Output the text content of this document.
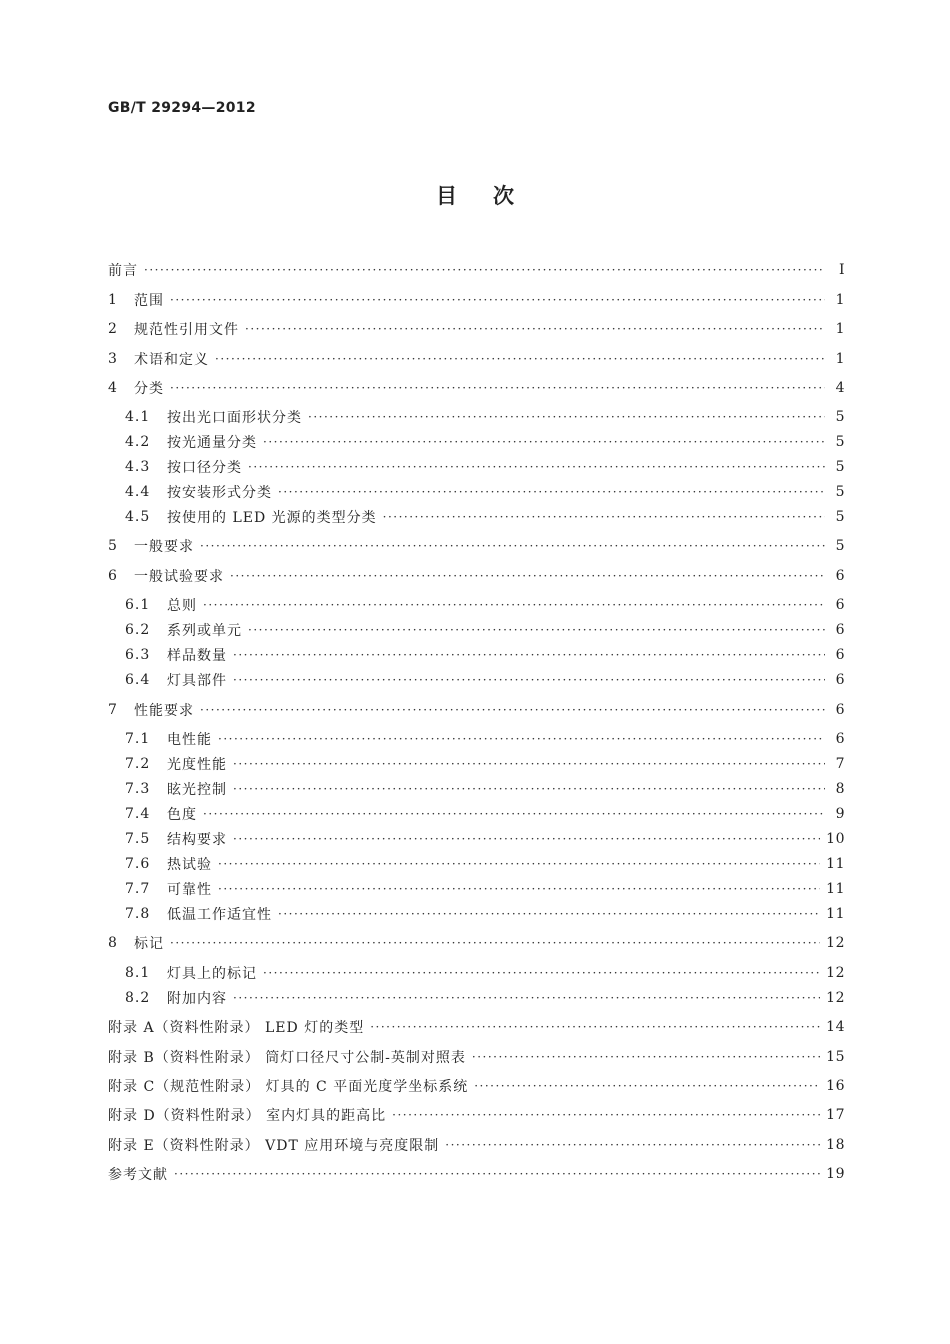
GB/T 29294—2012
目次
前言 ·····	Ⅰ
1	范围 ·····	1
2	规范性引用文件 ·····	1
3	术语和定义 ·····	1
4	分类 ·····	4
4.1	按出光口面形状分类 ·····	5
4.2	按光通量分类 ·····	5
4.3	按口径分类 ·····	5
4.4	按安装形式分类 ·····	5
4.5	按使用的 LED 光源的类型分类 ·····	5
5	一般要求 ·····	5
6	一般试验要求 ·····	6
6.1	总则 ·····	6
6.2	系列或单元 ·····	6
6.3	样品数量 ·····	6
6.4	灯具部件 ·····	6
7	性能要求 ·····	6
7.1	电性能 ·····	6
7.2	光度性能 ·····	7
7.3	眩光控制 ·····	8
7.4	色度 ·····	9
7.5	结构要求 ·····	10
7.6	热试验 ·····	11
7.7	可靠性 ·····	11
7.8	低温工作适宜性 ·····	11
8	标记 ·····	12
8.1	灯具上的标记 ·····	12
8.2	附加内容 ·····	12
附录 A（资料性附录） LED 灯的类型 ·····	14
附录 B（资料性附录） 筒灯口径尺寸公制-英制对照表 ·····	15
附录 C（规范性附录） 灯具的 C 平面光度学坐标系统 ·····	16
附录 D（资料性附录） 室内灯具的距高比 ·····	17
附录 E（资料性附录） VDT 应用环境与亮度限制 ·····	18
参考文献 ·····	19
